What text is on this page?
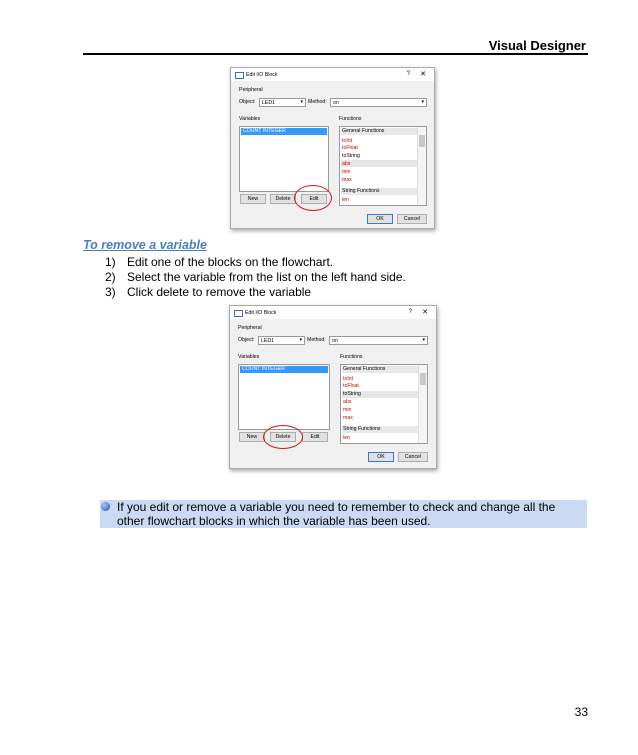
Visual Designer
Edit I/O Block	? ✕
Peripheral
Object: LED1	▾ Method: on	▾
Variables	Functions
COUNT INTEGER	General Functions
toInt
toFloat
toString
abs
min
max
String Functions
len
New	Delete	Edit
OK	Cancel
To remove a variable
1) Edit one of the blocks on the flowchart.
2) Select the variable from the list on the left hand side.
3) Click delete to remove the variable
Edit I/O Block	? ✕
Peripheral
Object: LED1	▾ Method: on	▾
Variables	Functions
COUNT INTEGER	General Functions
toInt
toFloat
toString
abs
min
max
String Functions
len
New	Delete	Edit
OK	Cancel
If you edit or remove a variable you need to remember to check and change all the other flowchart blocks in which the variable has been used.
33
